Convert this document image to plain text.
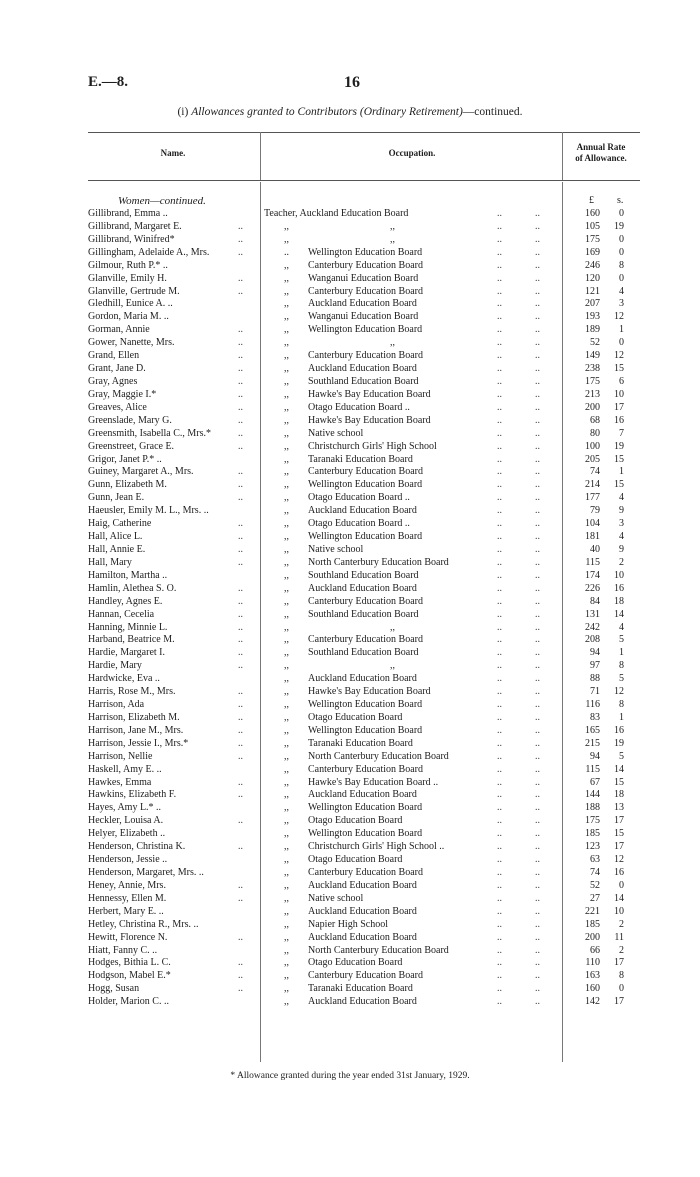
E.—8.	16
(i) Allowances granted to Contributors (Ordinary Retirement)—continued.
Name.	Occupation.
Annual Rate
of Allowance.
Women—continued.	£ s.
Gillibrand, Emma ..	Teacher, Auckland Education Board	..	..	160	0
Gillibrand, Margaret E.	..	,,	,,	..	..	105	19
Gillibrand, Winifred*	..	,,	,,	..	..	175	0
Gillingham, Adelaide A., Mrs.	..	.. Wellington Education Board	..	..	169	0
Gilmour, Ruth P.* ..	,, Canterbury Education Board	..	..	246	8
Glanville, Emily H.	..	,, Wanganui Education Board	..	..	120	0
Glanville, Gertrude M.	..	,, Canterbury Education Board	..	..	121	4
Gledhill, Eunice A. ..	,, Auckland Education Board	..	..	207	3
Gordon, Maria M. ..	,, Wanganui Education Board	..	..	193	12
Gorman, Annie	..	,, Wellington Education Board	..	..	189	1
Gower, Nanette, Mrs.	..	,,	,,	..	..	52	0
Grand, Ellen	..	,, Canterbury Education Board	..	..	149	12
Grant, Jane D.	..	,, Auckland Education Board	..	..	238	15
Gray, Agnes	..	,, Southland Education Board	..	..	175	6
Gray, Maggie I.*	..	,, Hawke's Bay Education Board	..	..	213	10
Greaves, Alice	..	,, Otago Education Board ..	..	..	200	17
Greenslade, Mary G.	..	,, Hawke's Bay Education Board	..	..	68	16
Greensmith, Isabella C., Mrs.*	..	,, Native school	..	..	80	7
Greenstreet, Grace E.	..	,, Christchurch Girls' High School	..	..	100	19
Grigor, Janet P.* ..	,, Taranaki Education Board	..	..	205	15
Guiney, Margaret A., Mrs.	..	,, Canterbury Education Board	..	..	74	1
Gunn, Elizabeth M.	..	,, Wellington Education Board	..	..	214	15
Gunn, Jean E.	..	,, Otago Education Board ..	..	..	177	4
Haeusler, Emily M. L., Mrs. ..	,, Auckland Education Board	..	..	79	9
Haig, Catherine	..	,, Otago Education Board ..	..	..	104	3
Hall, Alice L.	..	,, Wellington Education Board	..	..	181	4
Hall, Annie E.	..	,, Native school	..	..	40	9
Hall, Mary	..	,, North Canterbury Education Board	..	..	115	2
Hamilton, Martha ..	,, Southland Education Board	..	..	174	10
Hamlin, Alethea S. O.	..	,, Auckland Education Board	..	..	226	16
Handley, Agnes E.	..	,, Canterbury Education Board	..	..	84	18
Hannan, Cecelia	..	,, Southland Education Board	..	..	131	14
Hanning, Minnie L.	..	,,	,,	..	..	242	4
Harband, Beatrice M.	..	,, Canterbury Education Board	..	..	208	5
Hardie, Margaret I.	..	,, Southland Education Board	..	..	94	1
Hardie, Mary	..	,,	,,	..	..	97	8
Hardwicke, Eva ..	,, Auckland Education Board	..	..	88	5
Harris, Rose M., Mrs.	..	,, Hawke's Bay Education Board	..	..	71	12
Harrison, Ada	..	,, Wellington Education Board	..	..	116	8
Harrison, Elizabeth M.	..	,, Otago Education Board	..	..	83	1
Harrison, Jane M., Mrs.	..	,, Wellington Education Board	..	..	165	16
Harrison, Jessie I., Mrs.*	..	,, Taranaki Education Board	..	..	215	19
Harrison, Nellie	..	,, North Canterbury Education Board	..	..	94	5
Haskell, Amy E. ..	,, Canterbury Education Board	..	..	115	14
Hawkes, Emma	..	,, Hawke's Bay Education Board ..	..	..	67	15
Hawkins, Elizabeth F.	..	,, Auckland Education Board	..	..	144	18
Hayes, Amy L.* ..	,, Wellington Education Board	..	..	188	13
Heckler, Louisa A.	..	,, Otago Education Board	..	..	175	17
Helyer, Elizabeth ..	,, Wellington Education Board	..	..	185	15
Henderson, Christina K.	..	,, Christchurch Girls' High School ..	..	..	123	17
Henderson, Jessie ..	,, Otago Education Board	..	..	63	12
Henderson, Margaret, Mrs. ..	,, Canterbury Education Board	..	..	74	16
Heney, Annie, Mrs.	..	,, Auckland Education Board	..	..	52	0
Hennessy, Ellen M.	..	,, Native school	..	..	27	14
Herbert, Mary E. ..	,, Auckland Education Board	..	..	221	10
Hetley, Christina R., Mrs. ..	,, Napier High School	..	..	185	2
Hewitt, Florence N.	..	,, Auckland Education Board	..	..	200	11
Hiatt, Fanny C. ..	,, North Canterbury Education Board	..	..	66	2
Hodges, Bithia L. C.	..	,, Otago Education Board	..	..	110	17
Hodgson, Mabel E.*	..	,, Canterbury Education Board	..	..	163	8
Hogg, Susan	..	,, Taranaki Education Board	..	..	160	0
Holder, Marion C. ..	,, Auckland Education Board	..	..	142	17
* Allowance granted during the year ended 31st January, 1929.
